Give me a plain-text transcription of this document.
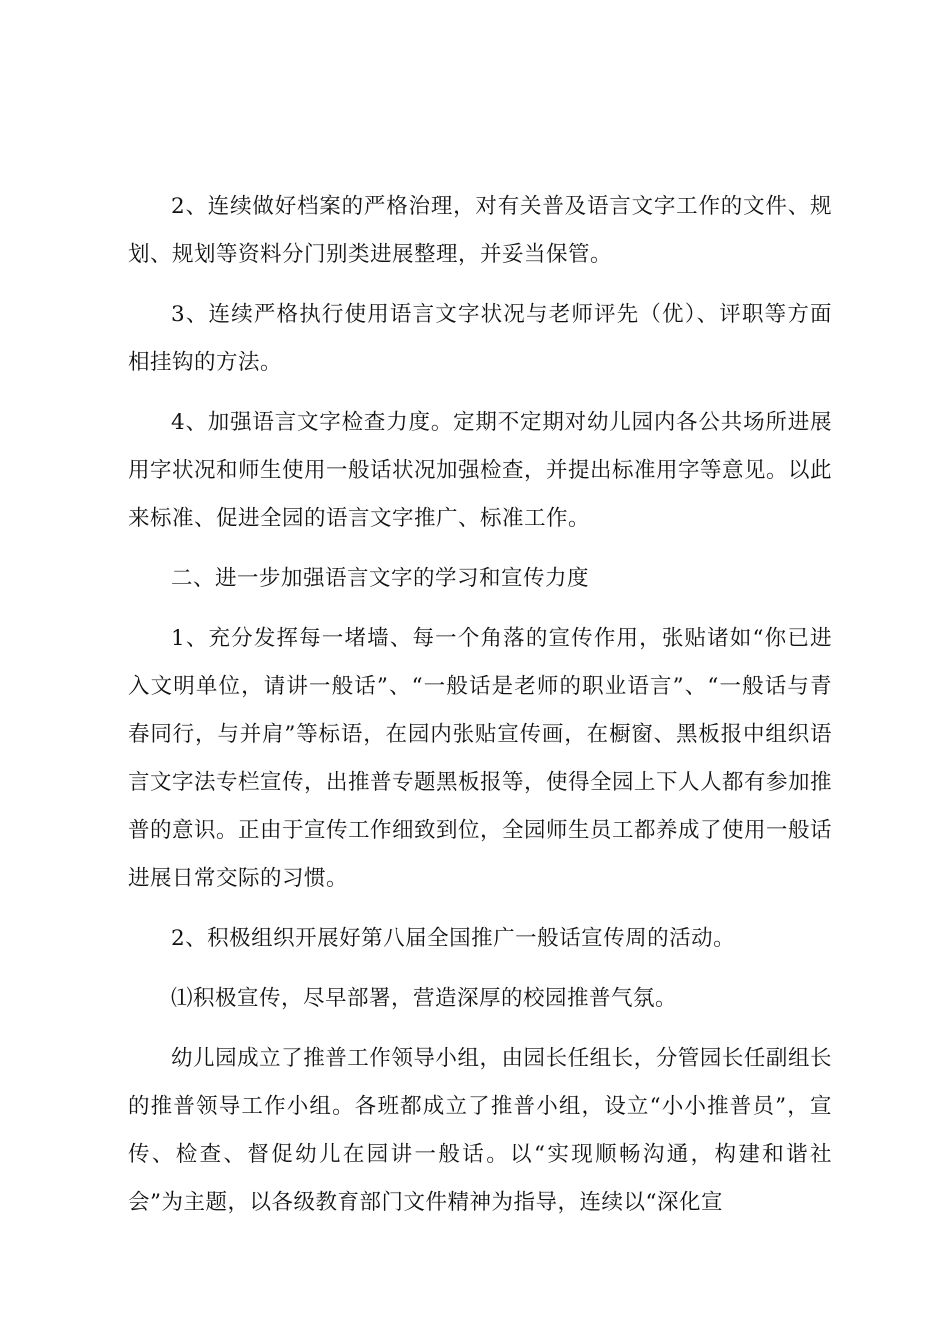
2、连续做好档案的严格治理，对有关普及语言文字工作的文件、规划、规划等资料分门别类进展整理，并妥当保管。

3、连续严格执行使用语言文字状况与老师评先（优）、评职等方面相挂钩的方法。

4、加强语言文字检查力度。定期不定期对幼儿园内各公共场所进展用字状况和师生使用一般话状况加强检查，并提出标准用字等意见。以此来标准、促进全园的语言文字推广、标准工作。

二、进一步加强语言文字的学习和宣传力度

1、充分发挥每一堵墙、每一个角落的宣传作用，张贴诸如“你已进入文明单位，请讲一般话”、“一般话是老师的职业语言”、“一般话与青春同行，与并肩”等标语，在园内张贴宣传画，在橱窗、黑板报中组织语言文字法专栏宣传，出推普专题黑板报等，使得全园上下人人都有参加推普的意识。正由于宣传工作细致到位，全园师生员工都养成了使用一般话进展日常交际的习惯。

2、积极组织开展好第八届全国推广一般话宣传周的活动。

⑴积极宣传，尽早部署，营造深厚的校园推普气氛。

幼儿园成立了推普工作领导小组，由园长任组长，分管园长任副组长的推普领导工作小组。各班都成立了推普小组，设立“小小推普员”，宣传、检查、督促幼儿在园讲一般话。以“实现顺畅沟通，构建和谐社会”为主题，以各级教育部门文件精神为指导，连续以“深化宣
